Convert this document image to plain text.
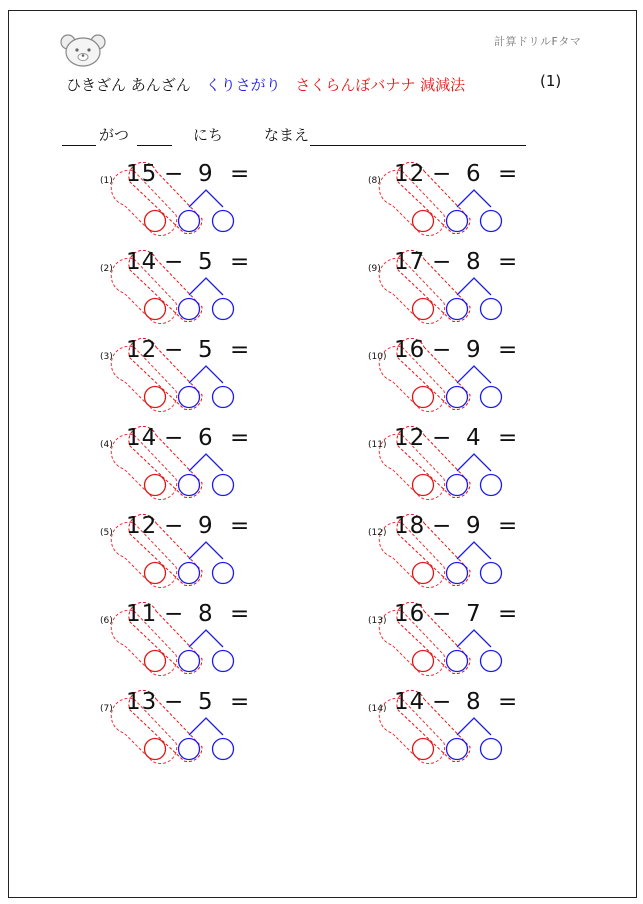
計算ドリルFタマ
ひきざん あんざん くりさがり さくらんぼバナナ 減減法	(1)
がつ	にち	なまえ
(1) 15 − 9 =
(2) 14 − 5 =
(3) 12 − 5 =
(4) 14 − 6 =
(5) 12 − 9 =
(6) 11 − 8 =
(7) 13 − 5 =
(8) 12 − 6 =
(9) 17 − 8 =
(10) 16 − 9 =
(11) 12 − 4 =
(12) 18 − 9 =
(13) 16 − 7 =
(14) 14 − 8 =
